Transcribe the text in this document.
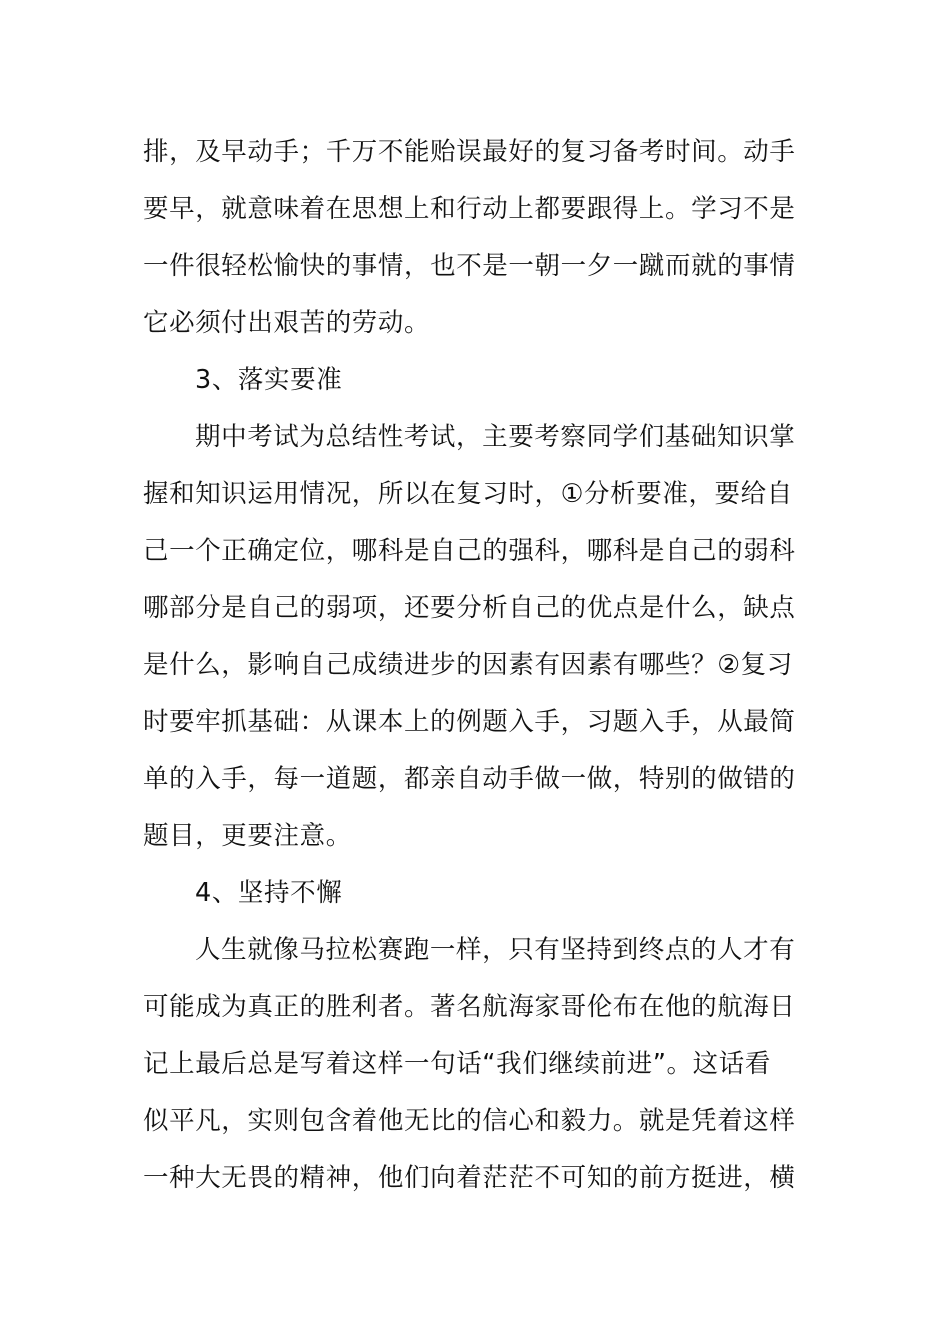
排，及早动手；千万不能贻误最好的复习备考时间。动手
要早，就意味着在思想上和行动上都要跟得上。学习不是
一件很轻松愉快的事情，也不是一朝一夕一蹴而就的事情
它必须付出艰苦的劳动。
3、落实要准
期中考试为总结性考试，主要考察同学们基础知识掌
握和知识运用情况，所以在复习时，①分析要准，要给自
己一个正确定位，哪科是自己的强科，哪科是自己的弱科
哪部分是自己的弱项，还要分析自己的优点是什么，缺点
是什么，影响自己成绩进步的因素有因素有哪些？②复习
时要牢抓基础：从课本上的例题入手，习题入手，从最简
单的入手，每一道题，都亲自动手做一做，特别的做错的
题目，更要注意。
4、坚持不懈
人生就像马拉松赛跑一样，只有坚持到终点的人才有
可能成为真正的胜利者。著名航海家哥伦布在他的航海日
记上最后总是写着这样一句话“我们继续前进”。这话看
似平凡，实则包含着他无比的信心和毅力。就是凭着这样
一种大无畏的精神，他们向着茫茫不可知的前方挺进，横
